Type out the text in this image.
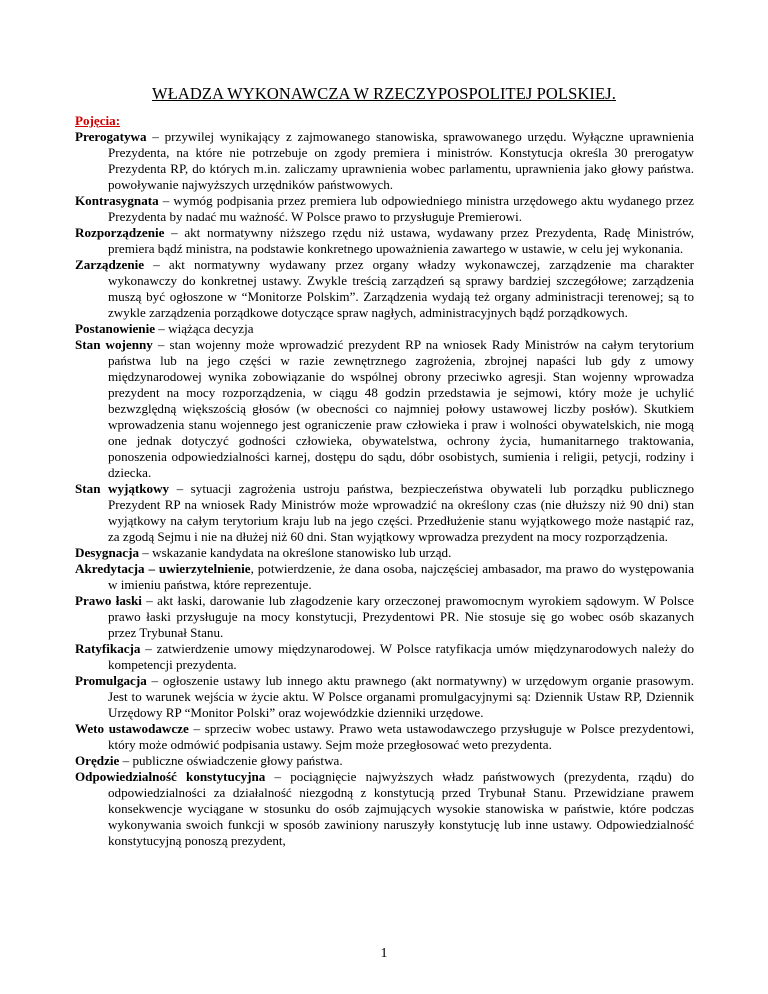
WŁADZA WYKONAWCZA W RZECZYPOSPOLITEJ POLSKIEJ.
Pojęcia:
Prerogatywa – przywilej wynikający z zajmowanego stanowiska, sprawowanego urzędu. Wyłączne uprawnienia Prezydenta, na które nie potrzebuje on zgody premiera i ministrów. Konstytucja określa 30 prerogatyw Prezydenta RP, do których m.in. zaliczamy uprawnienia wobec parlamentu, uprawnienia jako głowy państwa. powoływanie najwyższych urzędników państwowych.
Kontrasygnata – wymóg podpisania przez premiera lub odpowiedniego ministra urzędowego aktu wydanego przez Prezydenta by nadać mu ważność. W Polsce prawo to przysługuje Premierowi.
Rozporządzenie – akt normatywny niższego rzędu niż ustawa, wydawany przez Prezydenta, Radę Ministrów, premiera bądź ministra, na podstawie konkretnego upoważnienia zawartego w ustawie, w celu jej wykonania.
Zarządzenie – akt normatywny wydawany przez organy władzy wykonawczej, zarządzenie ma charakter wykonawczy do konkretnej ustawy. Zwykle treścią zarządzeń są sprawy bardziej szczegółowe; zarządzenia muszą być ogłoszone w “Monitorze Polskim”. Zarządzenia wydają też organy administracji terenowej; są to zwykle zarządzenia porządkowe dotyczące spraw nagłych, administracyjnych bądź porządkowych.
Postanowienie – wiążąca decyzja
Stan wojenny – stan wojenny może wprowadzić prezydent RP na wniosek Rady Ministrów na całym terytorium państwa lub na jego części w razie zewnętrznego zagrożenia, zbrojnej napaści lub gdy z umowy międzynarodowej wynika zobowiązanie do wspólnej obrony przeciwko agresji. Stan wojenny wprowadza prezydent na mocy rozporządzenia, w ciągu 48 godzin przedstawia je sejmowi, który może je uchylić bezwzględną większością głosów (w obecności co najmniej połowy ustawowej liczby posłów). Skutkiem wprowadzenia stanu wojennego jest ograniczenie praw człowieka i praw i wolności obywatelskich, nie mogą one jednak dotyczyć godności człowieka, obywatelstwa, ochrony życia, humanitarnego traktowania, ponoszenia odpowiedzialności karnej, dostępu do sądu, dóbr osobistych, sumienia i religii, petycji, rodziny i dziecka.
Stan wyjątkowy – sytuacji zagrożenia ustroju państwa, bezpieczeństwa obywateli lub porządku publicznego Prezydent RP na wniosek Rady Ministrów może wprowadzić na określony czas (nie dłuższy niż 90 dni) stan wyjątkowy na całym terytorium kraju lub na jego części. Przedłużenie stanu wyjątkowego może nastąpić raz, za zgodą Sejmu i nie na dłużej niż 60 dni. Stan wyjątkowy wprowadza prezydent na mocy rozporządzenia.
Desygnacja – wskazanie kandydata na określone stanowisko lub urząd.
Akredytacja – uwierzytelnienie, potwierdzenie, że dana osoba, najczęściej ambasador, ma prawo do występowania w imieniu państwa, które reprezentuje.
Prawo łaski – akt łaski, darowanie lub złagodzenie kary orzeczonej prawomocnym wyrokiem sądowym. W Polsce prawo łaski przysługuje na mocy konstytucji, Prezydentowi PR. Nie stosuje się go wobec osób skazanych przez Trybunał Stanu.
Ratyfikacja – zatwierdzenie umowy międzynarodowej. W Polsce ratyfikacja umów międzynarodowych należy do kompetencji prezydenta.
Promulgacja – ogłoszenie ustawy lub innego aktu prawnego (akt normatywny) w urzędowym organie prasowym. Jest to warunek wejścia w życie aktu. W Polsce organami promulgacyjnymi są: Dziennik Ustaw RP, Dziennik Urzędowy RP “Monitor Polski” oraz wojewódzkie dzienniki urzędowe.
Weto ustawodawcze – sprzeciw wobec ustawy. Prawo weta ustawodawczego przysługuje w Polsce prezydentowi, który może odmówić podpisania ustawy. Sejm może przegłosować weto prezydenta.
Orędzie – publiczne oświadczenie głowy państwa.
Odpowiedzialność konstytucyjna – pociągnięcie najwyższych władz państwowych (prezydenta, rządu) do odpowiedzialności za działalność niezgodną z konstytucją przed Trybunał Stanu. Przewidziane prawem konsekwencje wyciągane w stosunku do osób zajmujących wysokie stanowiska w państwie, które podczas wykonywania swoich funkcji w sposób zawiniony naruszyły konstytucję lub inne ustawy. Odpowiedzialność konstytucyjną ponoszą prezydent,
1
